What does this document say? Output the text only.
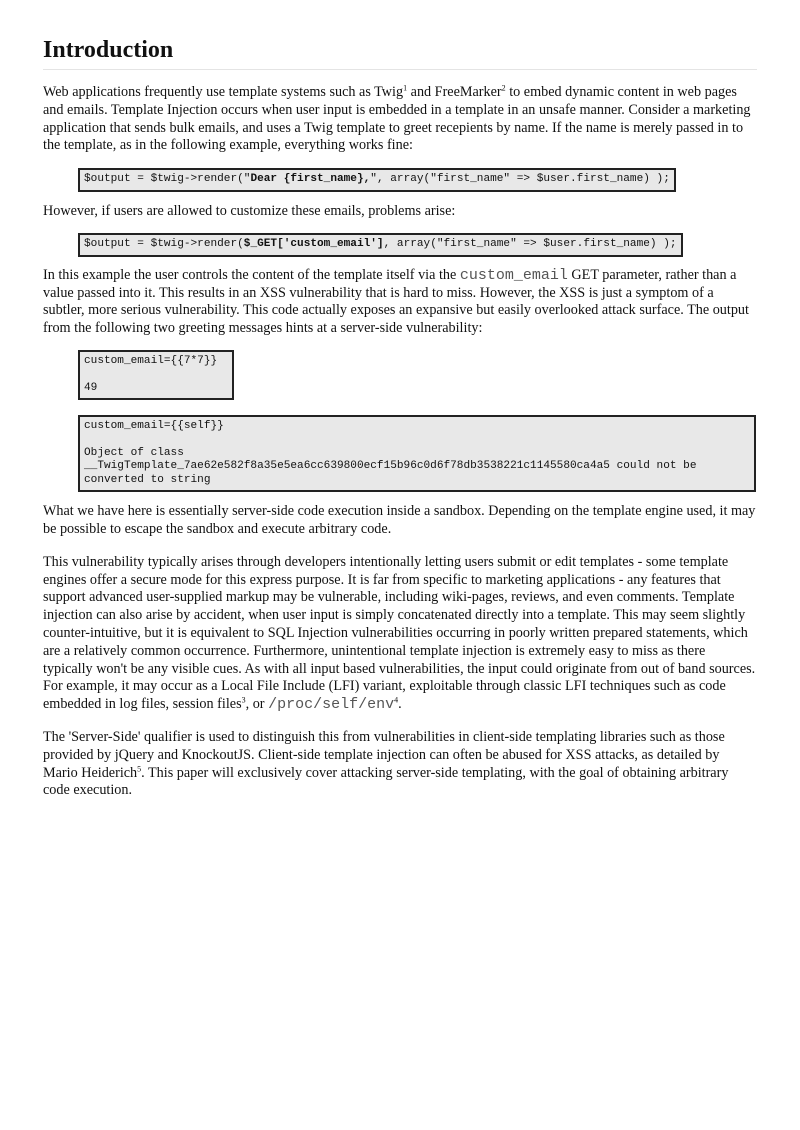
Introduction

Web applications frequently use template systems such as Twig$^1$ and FreeMarker$^2$ to embed dynamic content in web pages and emails. Template Injection occurs when user input is embedded in a template in an unsafe manner. Consider a marketing application that sends bulk emails, and uses a Twig template to greet recepients by name. If the name is merely passed in to the template, as in the following example, everything works fine:

$output = $twig->render("Dear {first_name},", array("first_name" => $user.first_name) );

However, if users are allowed to customize these emails, problems arise:

$output = $twig->render($_GET['custom_email'], array("first_name" => $user.first_name) );

In this example the user controls the content of the template itself via the custom_email GET parameter, rather than a value passed into it. This results in an XSS vulnerability that is hard to miss. However, the XSS is just a symptom of a subtler, more serious vulnerability. This code actually exposes an expansive but easily overlooked attack surface. The output from the following two greeting messages hints at a server-side vulnerability:

custom_email={{7*7}}

49
custom_email={{self}}

Object of class
__TwigTemplate_7ae62e582f8a35e5ea6cc639800ecf15b96c0d6f78db3538221c1145580ca4a5 could not be
converted to string

What we have here is essentially server-side code execution inside a sandbox. Depending on the template engine used, it may be possible to escape the sandbox and execute arbitrary code.

This vulnerability typically arises through developers intentionally letting users submit or edit templates - some template engines offer a secure mode for this express purpose. It is far from specific to marketing applications - any features that support advanced user-supplied markup may be vulnerable, including wiki-pages, reviews, and even comments. Template injection can also arise by accident, when user input is simply concatenated directly into a template. This may seem slightly counter-intuitive, but it is equivalent to SQL Injection vulnerabilities occurring in poorly written prepared statements, which are a relatively common occurrence. Furthermore, unintentional template injection is extremely easy to miss as there typically won't be any visible cues. As with all input based vulnerabilities, the input could originate from out of band sources. For example, it may occur as a Local File Include (LFI) variant, exploitable through classic LFI techniques such as code embedded in log files, session files$^3$, or /proc/self/env$^4$.

The 'Server-Side' qualifier is used to distinguish this from vulnerabilities in client-side templating libraries such as those provided by jQuery and KnockoutJS. Client-side template injection can often be abused for XSS attacks, as detailed by Mario Heiderich$^5$. This paper will exclusively cover attacking server-side templating, with the goal of obtaining arbitrary code execution.
